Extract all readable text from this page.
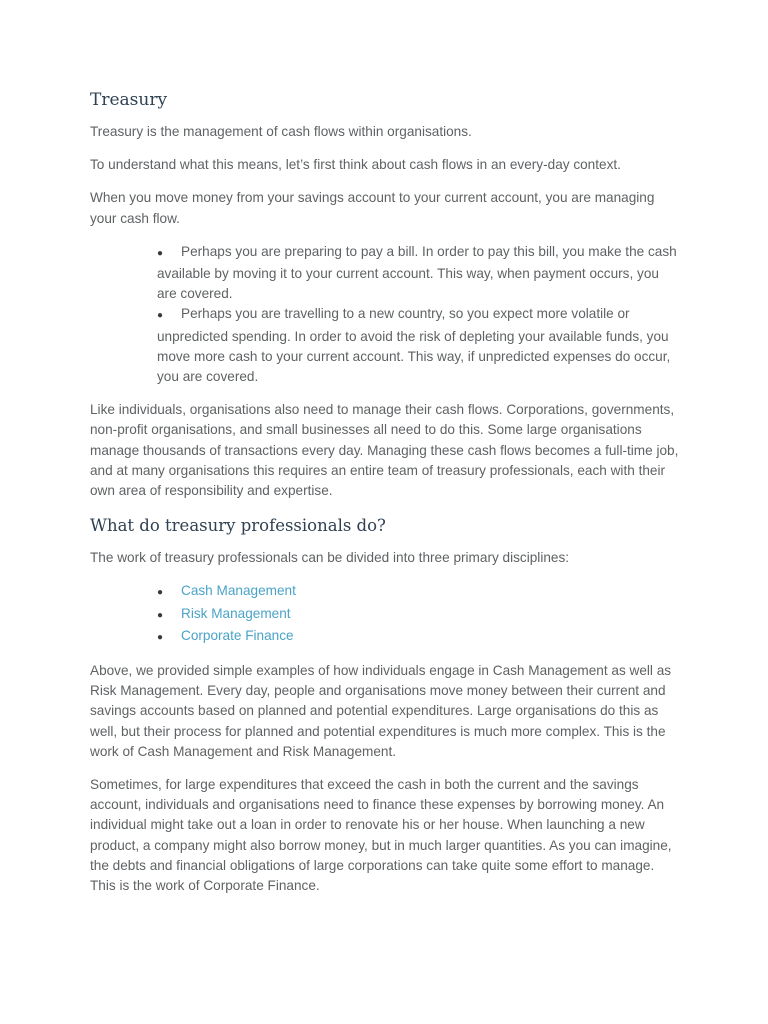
Treasury

Treasury is the management of cash flows within organisations.

To understand what this means, let’s first think about cash flows in an every-day context.

When you move money from your savings account to your current account, you are managing your cash flow.

● Perhaps you are preparing to pay a bill. In order to pay this bill, you make the cash available by moving it to your current account. This way, when payment occurs, you are covered.
● Perhaps you are travelling to a new country, so you expect more volatile or unpredicted spending. In order to avoid the risk of depleting your available funds, you move more cash to your current account. This way, if unpredicted expenses do occur, you are covered.

Like individuals, organisations also need to manage their cash flows. Corporations, governments, non-profit organisations, and small businesses all need to do this. Some large organisations manage thousands of transactions every day. Managing these cash flows becomes a full-time job, and at many organisations this requires an entire team of treasury professionals, each with their own area of responsibility and expertise.

What do treasury professionals do?

The work of treasury professionals can be divided into three primary disciplines:

● Cash Management
● Risk Management
● Corporate Finance

Above, we provided simple examples of how individuals engage in Cash Management as well as Risk Management. Every day, people and organisations move money between their current and savings accounts based on planned and potential expenditures. Large organisations do this as well, but their process for planned and potential expenditures is much more complex. This is the work of Cash Management and Risk Management.

Sometimes, for large expenditures that exceed the cash in both the current and the savings account, individuals and organisations need to finance these expenses by borrowing money. An individual might take out a loan in order to renovate his or her house. When launching a new product, a company might also borrow money, but in much larger quantities. As you can imagine, the debts and financial obligations of large corporations can take quite some effort to manage. This is the work of Corporate Finance.
